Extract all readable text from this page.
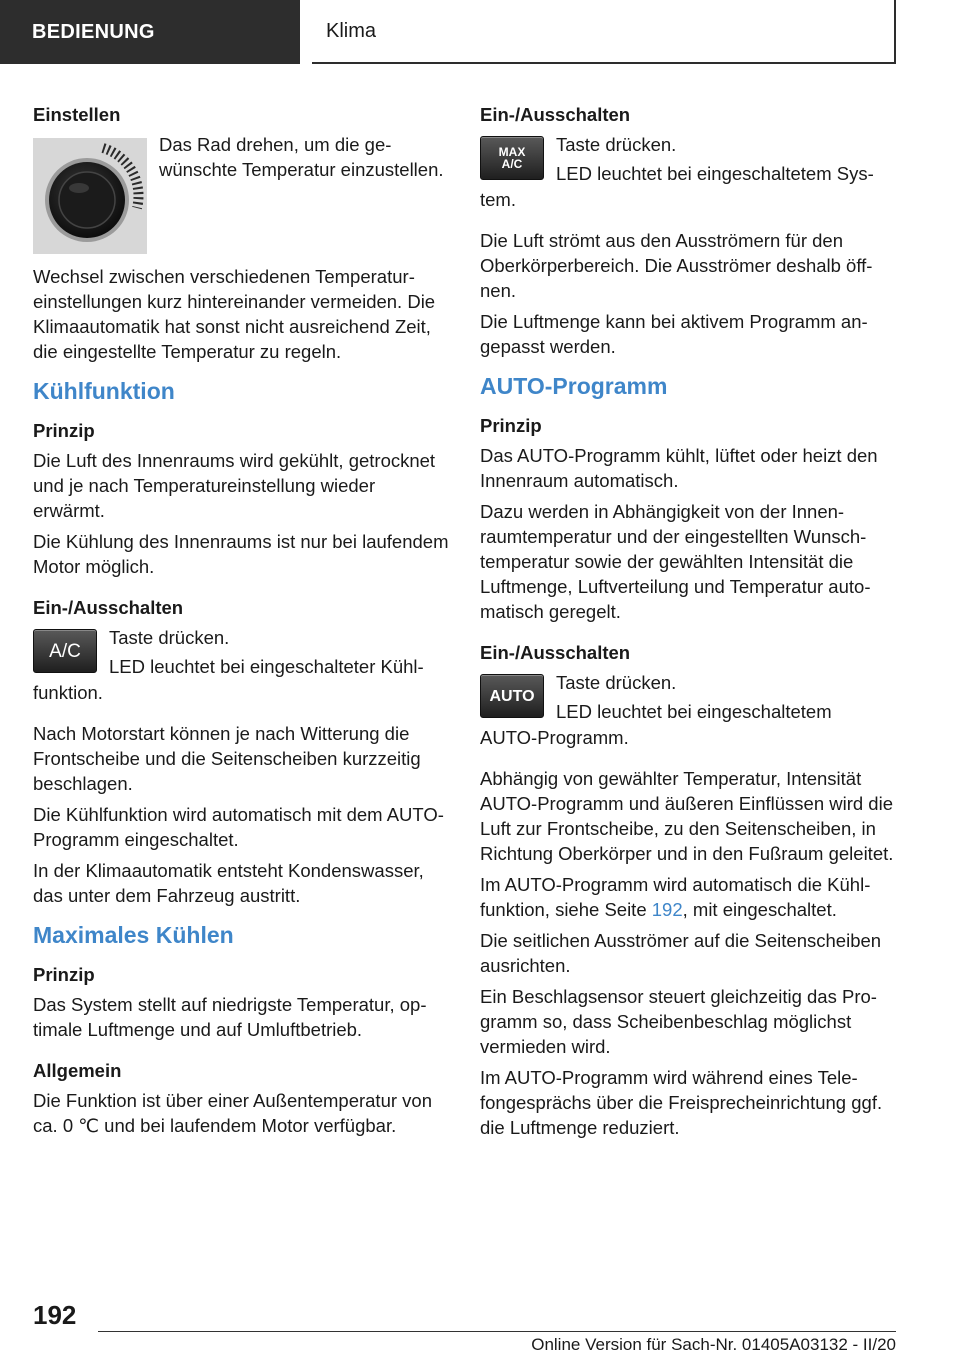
BEDIENUNG	Klima
Einstellen
Das Rad drehen, um die gewünschte Temperatur einzustellen.
Wechsel zwischen verschiedenen Temperatureinstellungen kurz hintereinander vermeiden. Die Klimaautomatik hat sonst nicht ausreichend Zeit, die eingestellte Temperatur zu regeln.
Kühlfunktion
Prinzip
Die Luft des Innenraums wird gekühlt, getrocknet und je nach Temperatureinstellung wieder erwärmt.
Die Kühlung des Innenraums ist nur bei laufendem Motor möglich.
Ein-/Ausschalten
A/C
Taste drücken.
LED leuchtet bei eingeschalteter Kühl-
funktion.
Nach Motorstart können je nach Witterung die Frontscheibe und die Seitenscheiben kurzzeitig beschlagen.
Die Kühlfunktion wird automatisch mit dem AUTO-Programm eingeschaltet.
In der Klimaautomatik entsteht Kondenswasser, das unter dem Fahrzeug austritt.
Maximales Kühlen
Prinzip
Das System stellt auf niedrigste Temperatur, optimale Luftmenge und auf Umluftbetrieb.
Allgemein
Die Funktion ist über einer Außentemperatur von ca. 0 ℃ und bei laufendem Motor verfügbar.
Ein-/Ausschalten
MAX
A/C
Taste drücken.
LED leuchtet bei eingeschaltetem Sys-
tem.
Die Luft strömt aus den Ausströmern für den Oberkörperbereich. Die Ausströmer deshalb öffnen.
Die Luftmenge kann bei aktivem Programm angepasst werden.
AUTO-Programm
Prinzip
Das AUTO-Programm kühlt, lüftet oder heizt den Innenraum automatisch.
Dazu werden in Abhängigkeit von der Innenraumtemperatur und der eingestellten Wunschtemperatur sowie der gewählten Intensität die Luftmenge, Luftverteilung und Temperatur automatisch geregelt.
Ein-/Ausschalten
AUTO
Taste drücken.
LED leuchtet bei eingeschaltetem
AUTO-Programm.
Abhängig von gewählter Temperatur, Intensität AUTO-Programm und äußeren Einflüssen wird die Luft zur Frontscheibe, zu den Seitenscheiben, in Richtung Oberkörper und in den Fußraum geleitet.
Im AUTO-Programm wird automatisch die Kühlfunktion, siehe Seite 192, mit eingeschaltet.
Die seitlichen Ausströmer auf die Seitenscheiben ausrichten.
Ein Beschlagsensor steuert gleichzeitig das Programm so, dass Scheibenbeschlag möglichst vermieden wird.
Im AUTO-Programm wird während eines Telefongesprächs über die Freisprecheinrichtung ggf. die Luftmenge reduziert.
192
Online Version für Sach-Nr. 01405A03132 - II/20
